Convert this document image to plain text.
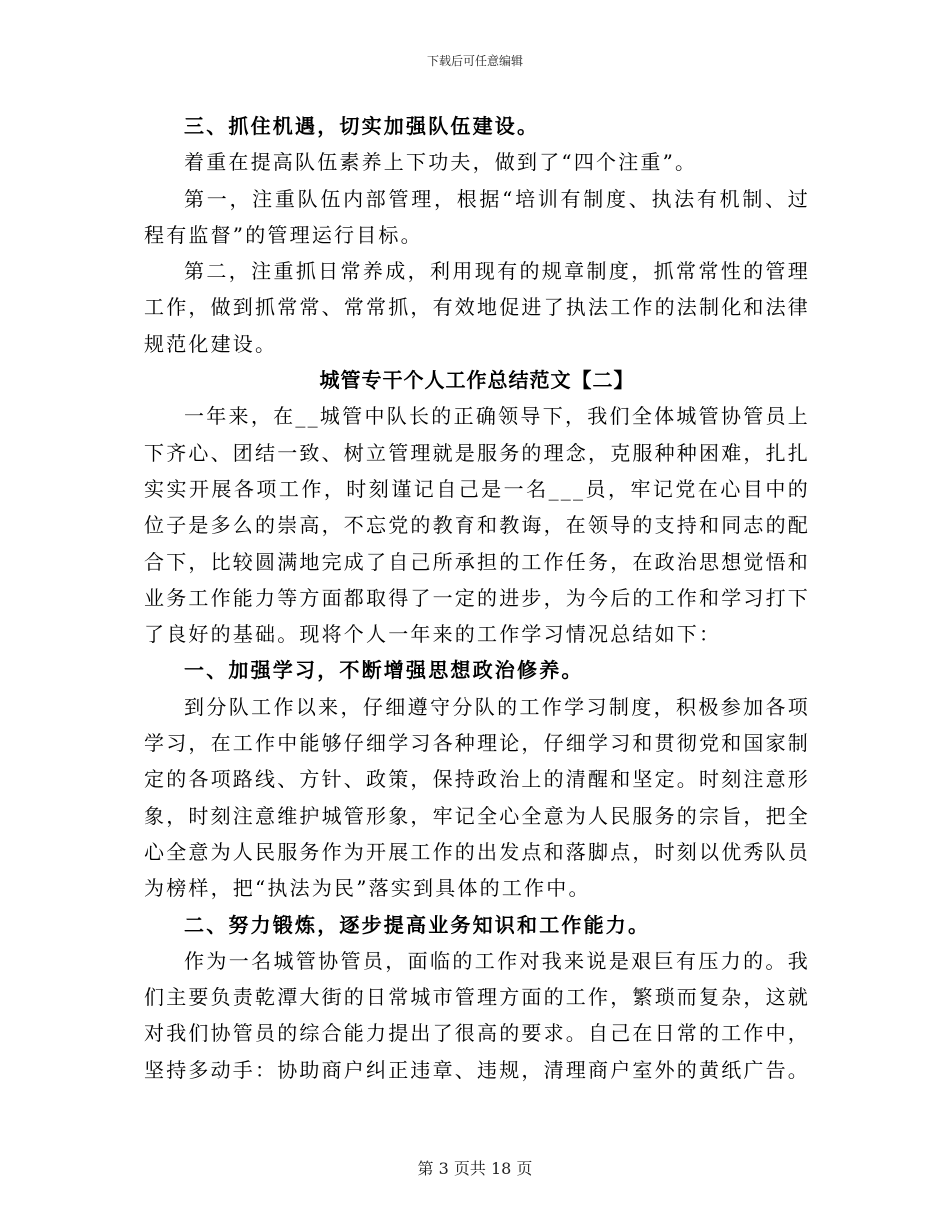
下载后可任意编辑

三、抓住机遇，切实加强队伍建设。

着重在提高队伍素养上下功夫，做到了“四个注重”。

第一，注重队伍内部管理，根据“培训有制度、执法有机制、过程有监督”的管理运行目标。

第二，注重抓日常养成，利用现有的规章制度，抓常常性的管理工作，做到抓常常、常常抓，有效地促进了执法工作的法制化和法律规范化建设。

城管专干个人工作总结范文【二】

一年来，在__城管中队长的正确领导下，我们全体城管协管员上下齐心、团结一致、树立管理就是服务的理念，克服种种困难，扎扎实实开展各项工作，时刻谨记自己是一名___员，牢记党在心目中的位子是多么的崇高，不忘党的教育和教诲，在领导的支持和同志的配合下，比较圆满地完成了自己所承担的工作任务，在政治思想觉悟和业务工作能力等方面都取得了一定的进步，为今后的工作和学习打下了良好的基础。现将个人一年来的工作学习情况总结如下：

一、加强学习，不断增强思想政治修养。

到分队工作以来，仔细遵守分队的工作学习制度，积极参加各项学习，在工作中能够仔细学习各种理论，仔细学习和贯彻党和国家制定的各项路线、方针、政策，保持政治上的清醒和坚定。时刻注意形象，时刻注意维护城管形象，牢记全心全意为人民服务的宗旨，把全心全意为人民服务作为开展工作的出发点和落脚点，时刻以优秀队员为榜样，把“执法为民”落实到具体的工作中。

二、努力锻炼，逐步提高业务知识和工作能力。

作为一名城管协管员，面临的工作对我来说是艰巨有压力的。我们主要负责乾潭大街的日常城市管理方面的工作，繁琐而复杂，这就对我们协管员的综合能力提出了很高的要求。自己在日常的工作中，坚持多动手：协助商户纠正违章、违规，清理商户室外的黄纸广告。

第 3 页共 18 页
